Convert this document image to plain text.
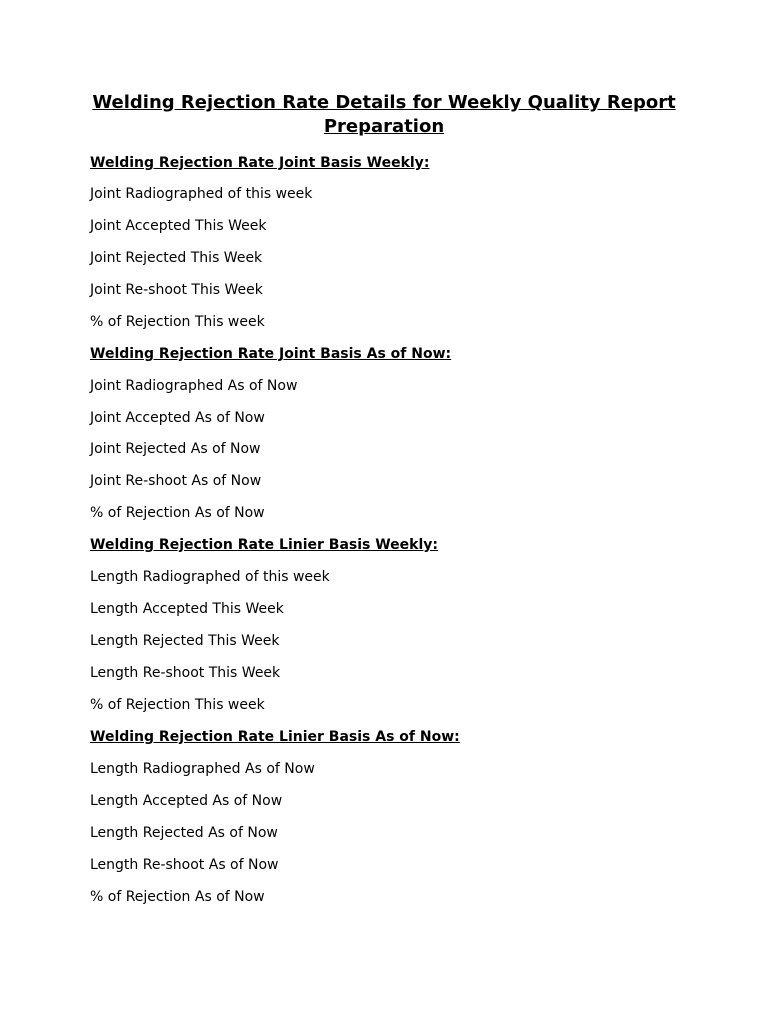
Welding Rejection Rate Details for Weekly Quality Report
Preparation
Welding Rejection Rate Joint Basis Weekly:

Joint Radiographed of this week

Joint Accepted This Week

Joint Rejected This Week

Joint Re-shoot This Week

% of Rejection This week

Welding Rejection Rate Joint Basis As of Now:

Joint Radiographed As of Now

Joint Accepted As of Now

Joint Rejected As of Now

Joint Re-shoot As of Now

% of Rejection As of Now

Welding Rejection Rate Linier Basis Weekly:

Length Radiographed of this week

Length Accepted This Week

Length Rejected This Week

Length Re-shoot This Week

% of Rejection This week

Welding Rejection Rate Linier Basis As of Now:

Length Radiographed As of Now

Length Accepted As of Now

Length Rejected As of Now

Length Re-shoot As of Now

% of Rejection As of Now
